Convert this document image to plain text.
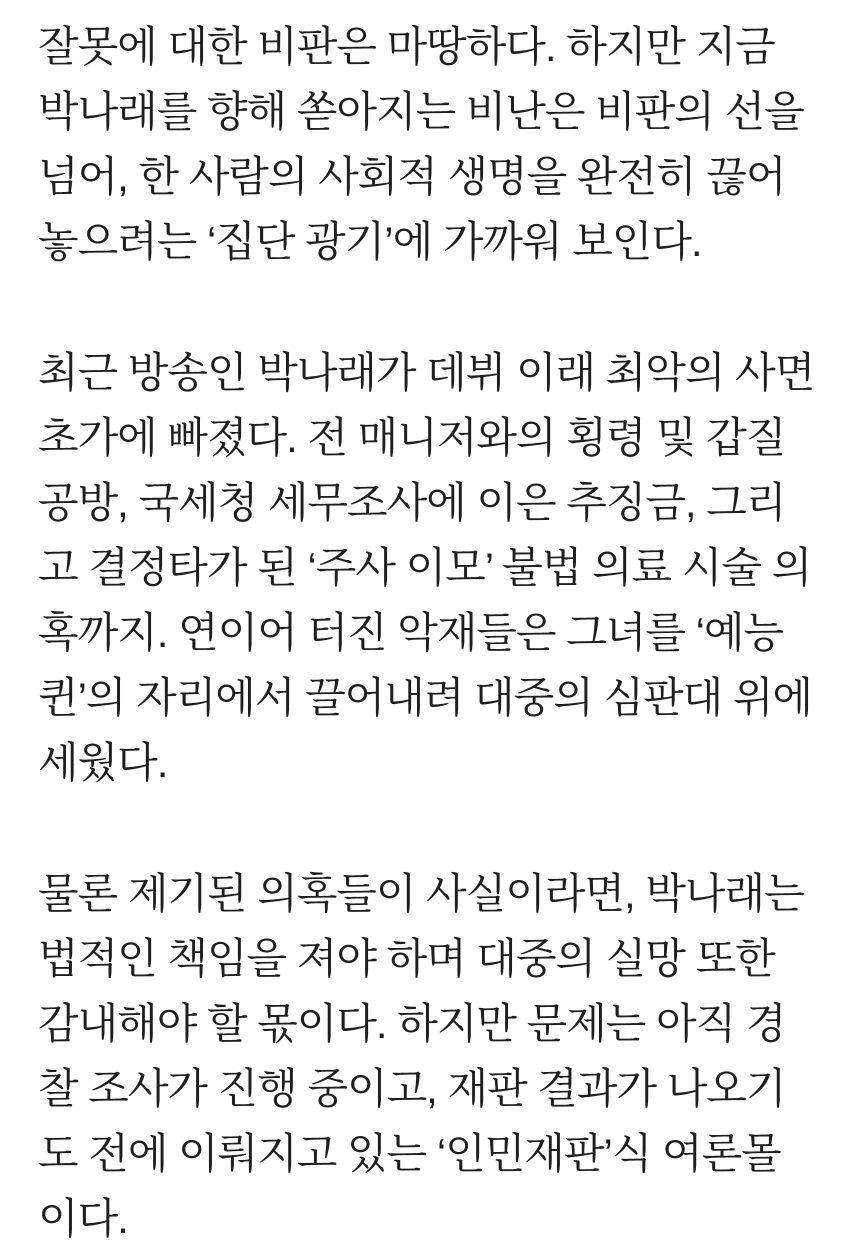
잘못에 대한 비판은 마땅하다. 하지만 지금 박나래를 향해 쏟아지는 비난은 비판의 선을 넘어, 한 사람의 사회적 생명을 완전히 끊어놓으려는 ‘집단 광기’에 가까워 보인다.

최근 방송인 박나래가 데뷔 이래 최악의 사면초가에 빠졌다. 전 매니저와의 횡령 및 갑질 공방, 국세청 세무조사에 이은 추징금, 그리고 결정타가 된 ‘주사 이모’ 불법 의료 시술 의혹까지. 연이어 터진 악재들은 그녀를 ‘예능 퀸’의 자리에서 끌어내려 대중의 심판대 위에 세웠다.

물론 제기된 의혹들이 사실이라면, 박나래는 법적인 책임을 져야 하며 대중의 실망 또한 감내해야 할 몫이다. 하지만 문제는 아직 경찰 조사가 진행 중이고, 재판 결과가 나오기도 전에 이뤄지고 있는 ‘인민재판’식 여론몰이다.
